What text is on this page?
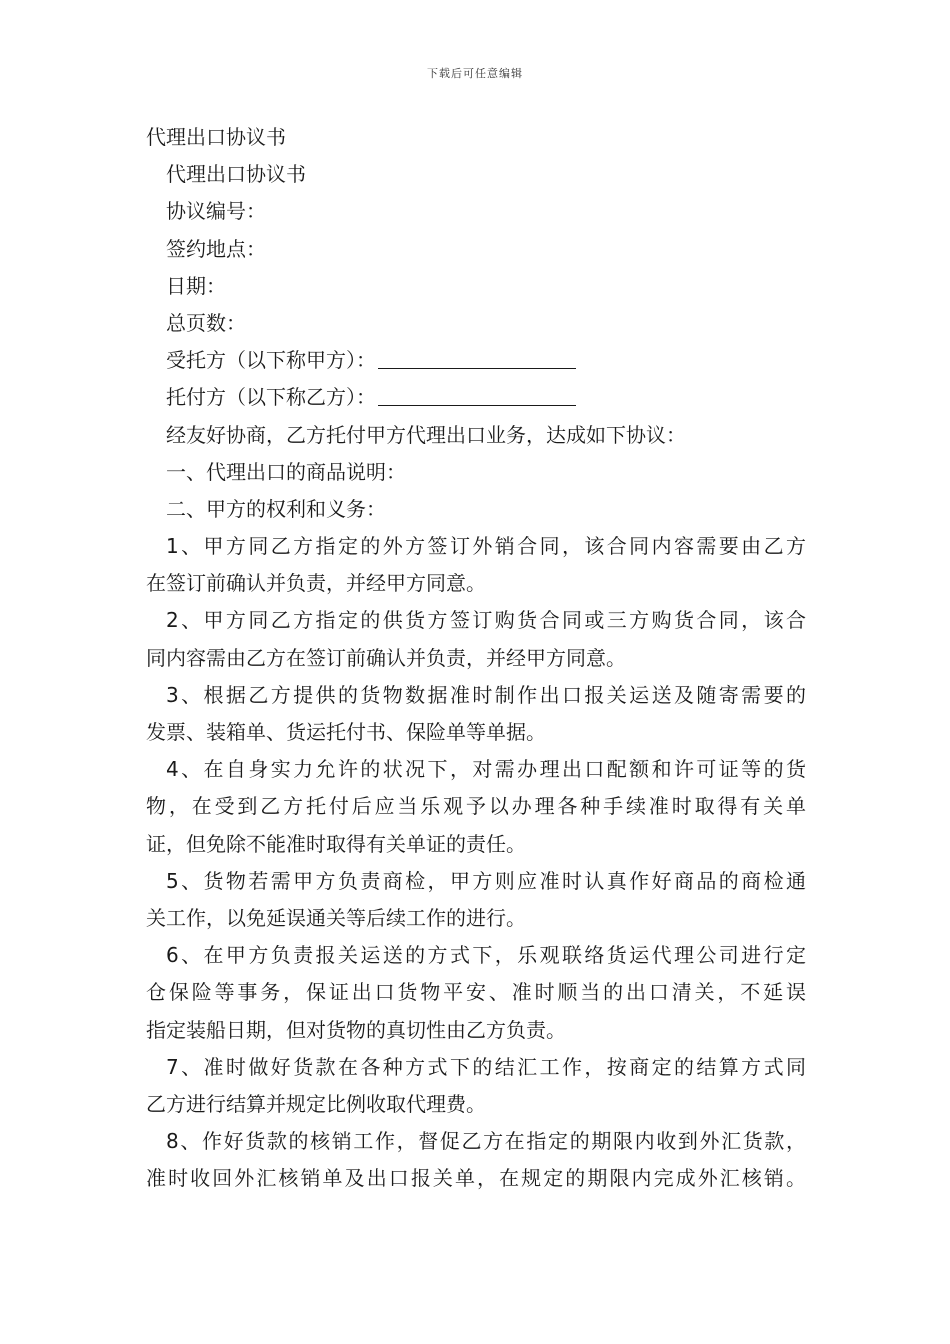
下载后可任意编辑
代理出口协议书
代理出口协议书
协议编号：
签约地点：
日期：
总页数：
受托方（以下称甲方）：
托付方（以下称乙方）：
经友好协商，乙方托付甲方代理出口业务，达成如下协议：
一、代理出口的商品说明：
二、甲方的权利和义务：
1、甲方同乙方指定的外方签订外销合同，该合同内容需要由乙方
在签订前确认并负责，并经甲方同意。
2、甲方同乙方指定的供货方签订购货合同或三方购货合同，该合
同内容需由乙方在签订前确认并负责，并经甲方同意。
3、根据乙方提供的货物数据准时制作出口报关运送及随寄需要的
发票、装箱单、货运托付书、保险单等单据。
4、在自身实力允许的状况下，对需办理出口配额和许可证等的货
物，在受到乙方托付后应当乐观予以办理各种手续准时取得有关单
证，但免除不能准时取得有关单证的责任。
5、货物若需甲方负责商检，甲方则应准时认真作好商品的商检通
关工作，以免延误通关等后续工作的进行。
6、在甲方负责报关运送的方式下，乐观联络货运代理公司进行定
仓保险等事务，保证出口货物平安、准时顺当的出口清关，不延误
指定装船日期，但对货物的真切性由乙方负责。
7、准时做好货款在各种方式下的结汇工作，按商定的结算方式同
乙方进行结算并规定比例收取代理费。
8、作好货款的核销工作，督促乙方在指定的期限内收到外汇货款，
准时收回外汇核销单及出口报关单，在规定的期限内完成外汇核销。
